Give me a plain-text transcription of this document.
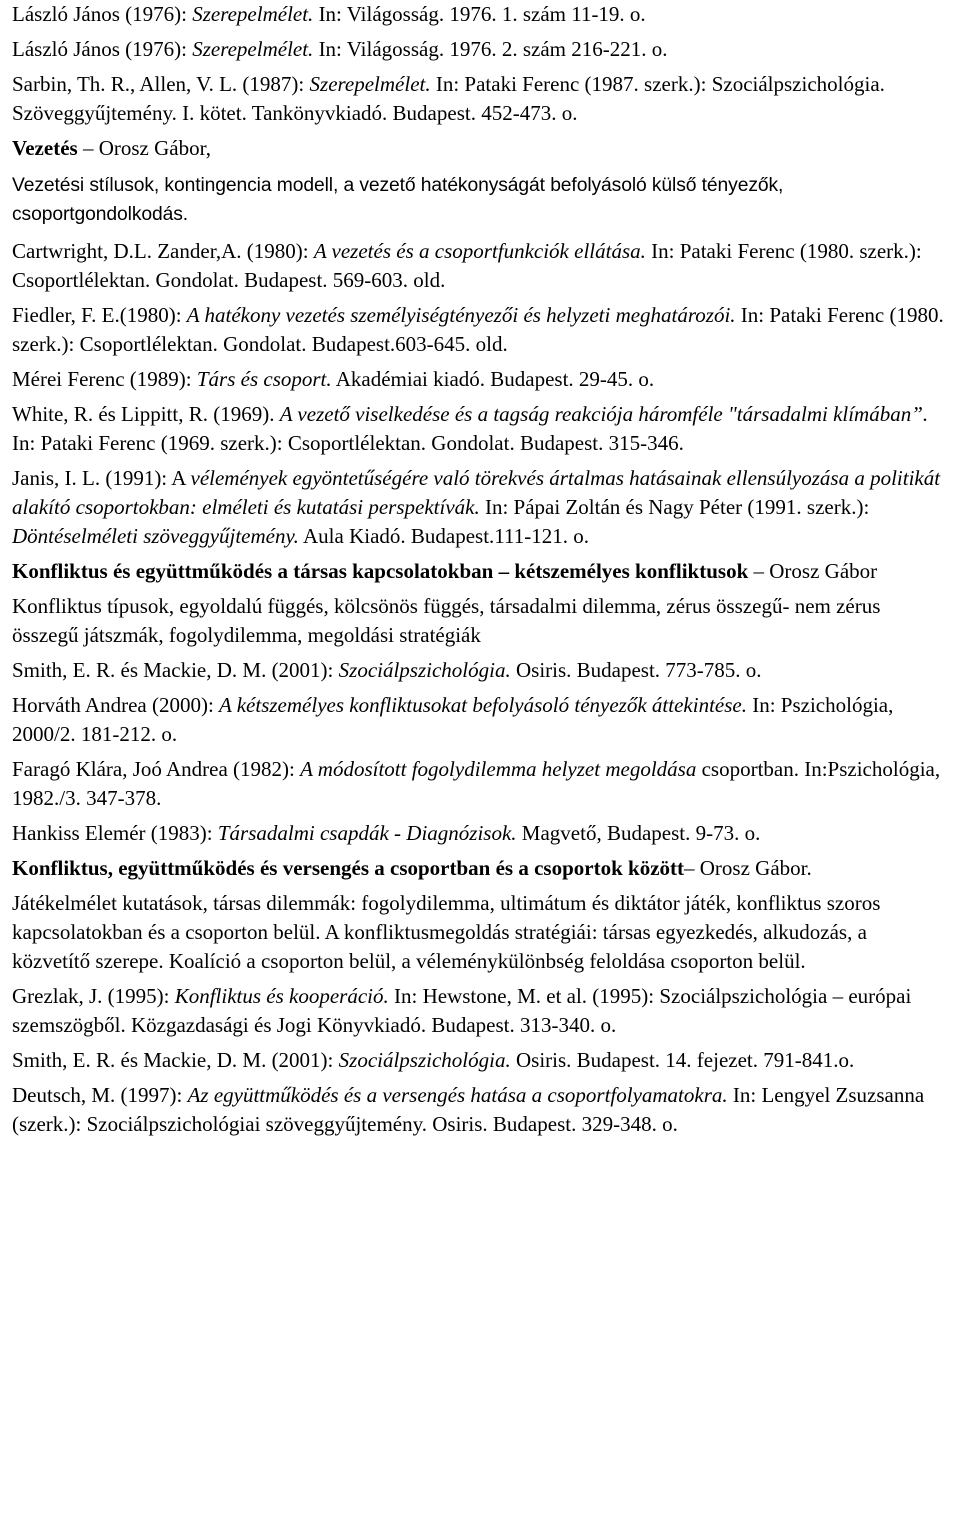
László János (1976): Szerepelmélet. In: Világosság. 1976. 1. szám 11-19. o.

László János (1976): Szerepelmélet. In: Világosság. 1976. 2. szám 216-221. o.

Sarbin, Th. R., Allen, V. L. (1987): Szerepelmélet. In: Pataki Ferenc (1987. szerk.): Szociálpszichológia. Szöveggyűjtemény. I. kötet. Tankönyvkiadó. Budapest. 452-473. o.

Vezetés – Orosz Gábor,

Vezetési stílusok, kontingencia modell, a vezető hatékonyságát befolyásoló külső tényezők, csoportgondolkodás.

Cartwright, D.L. Zander,A. (1980): A vezetés és a csoportfunkciók ellátása. In: Pataki Ferenc (1980. szerk.): Csoportlélektan. Gondolat. Budapest. 569-603. old.

Fiedler, F. E.(1980): A hatékony vezetés személyiségtényezői és helyzeti meghatározói. In: Pataki Ferenc (1980. szerk.): Csoportlélektan. Gondolat. Budapest.603-645. old.

Mérei Ferenc (1989): Társ és csoport. Akadémiai kiadó. Budapest. 29-45. o.

White, R. és Lippitt, R. (1969). A vezető viselkedése és a tagság reakciója háromféle "társadalmi klímában”. In: Pataki Ferenc (1969. szerk.): Csoportlélektan. Gondolat. Budapest. 315-346.

Janis, I. L. (1991): A vélemények egyöntetűségére való törekvés ártalmas hatásainak ellensúlyozása a politikát alakító csoportokban: elméleti és kutatási perspektívák. In: Pápai Zoltán és Nagy Péter (1991. szerk.): Döntéselméleti szöveggyűjtemény. Aula Kiadó. Budapest.111-121. o.

Konfliktus és együttműködés a társas kapcsolatokban – kétszemélyes konfliktusok – Orosz Gábor

Konfliktus típusok, egyoldalú függés, kölcsönös függés, társadalmi dilemma, zérus összegű- nem zérus összegű játszmák, fogolydilemma, megoldási stratégiák

Smith, E. R. és Mackie, D. M. (2001): Szociálpszichológia. Osiris. Budapest. 773-785. o.

Horváth Andrea (2000): A kétszemélyes konfliktusokat befolyásoló tényezők áttekintése. In: Pszichológia, 2000/2. 181-212. o.

Faragó Klára, Joó Andrea (1982): A módosított fogolydilemma helyzet megoldása csoportban. In:Pszichológia, 1982./3. 347-378.

Hankiss Elemér (1983): Társadalmi csapdák - Diagnózisok. Magvető, Budapest. 9-73. o.

Konfliktus, együttműködés és versengés a csoportban és a csoportok között– Orosz Gábor.

Játékelmélet kutatások, társas dilemmák: fogolydilemma, ultimátum és diktátor játék, konfliktus szoros kapcsolatokban és a csoporton belül. A konfliktusmegoldás stratégiái: társas egyezkedés, alkudozás, a közvetítő szerepe. Koalíció a csoporton belül, a véleménykülönbség feloldása csoporton belül.

Grezlak, J. (1995): Konfliktus és kooperáció. In: Hewstone, M. et al. (1995): Szociálpszichológia – európai szemszögből. Közgazdasági és Jogi Könyvkiadó. Budapest. 313-340. o.

Smith, E. R. és Mackie, D. M. (2001): Szociálpszichológia. Osiris. Budapest. 14. fejezet. 791-841.o.

Deutsch, M. (1997): Az együttműködés és a versengés hatása a csoportfolyamatokra. In: Lengyel Zsuzsanna (szerk.): Szociálpszichológiai szöveggyűjtemény. Osiris. Budapest. 329-348. o.
